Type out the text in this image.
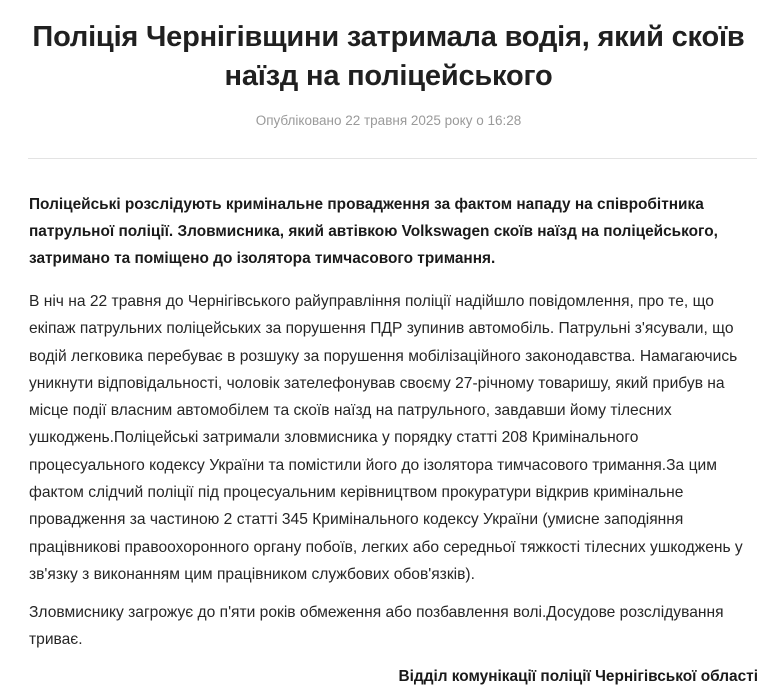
Поліція Чернігівщини затримала водія, який скоїв наїзд на поліцейського
Опубліковано 22 травня 2025 року о 16:28

Поліцейські розслідують кримінальне провадження за фактом нападу на співробітника патрульної поліції. Зловмисника, який автівкою Volkswagen скоїв наїзд на поліцейського, затримано та поміщено до ізолятора тимчасового тримання.

В ніч на 22 травня до Чернігівського райуправління поліції надійшло повідомлення, про те, що екіпаж патрульних поліцейських за порушення ПДР зупинив автомобіль. Патрульні з'ясували, що водій легковика перебуває в розшуку за порушення мобілізаційного законодавства. Намагаючись уникнути відповідальності, чоловік зателефонував своєму 27-річному товаришу, який прибув на місце події власним автомобілем та скоїв наїзд на патрульного, завдавши йому тілесних ушкоджень.Поліцейські затримали зловмисника у порядку статті 208 Кримінального процесуального кодексу України та помістили його до ізолятора тимчасового тримання.За цим фактом слідчий поліції під процесуальним керівництвом прокуратури відкрив кримінальне провадження за частиною 2 статті 345 Кримінального кодексу України (умисне заподіяння працівникові правоохоронного органу побоїв, легких або середньої тяжкості тілесних ушкоджень у зв'язку з виконанням цим працівником службових обов'язків).

Зловмиснику загрожує до п'яти років обмеження або позбавлення волі.Досудове розслідування триває.

Відділ комунікації поліції Чернігівської області
